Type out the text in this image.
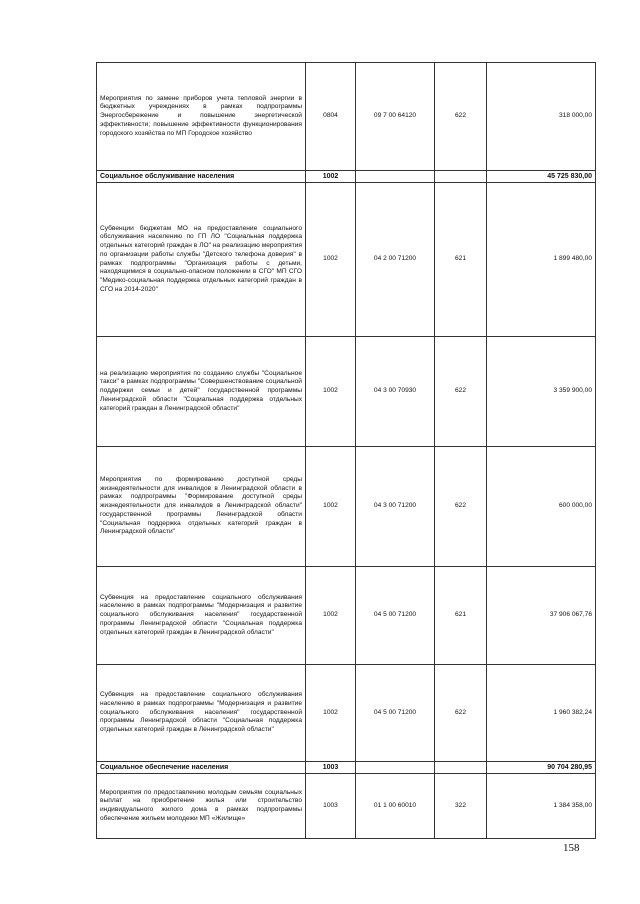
Мероприятия по замене приборов учета тепловой энергии в бюджетных учреждениях в рамках подпрограммы Энергосбережение и повышение энергетической эффективности; повышение эффективности функционирования городского хозяйства по МП Городское хозяйство	0804	09 7 00 64120	622	318 000,00
Социальное обслуживание населения	1002			45 725 830,00
Субвенции бюджетам МО на предоставление социального обслуживания населению по ГП ЛО "Социальная поддержка отдельных категорий граждан в ЛО" на реализацию мероприятия по организации работы службы "Детского телефона доверия" в рамках подпрограммы "Организация работы с детьми, находящимися в социально-опасном положении в СГО" МП СГО "Медико-социальная поддержка отдельных категорий граждан в СГО на 2014-2020"	1002	04 2 00 71200	621	1 899 480,00
на реализацию мероприятия по созданию службы "Социальное такси" в рамках подпрограммы "Совершенствование социальной поддержки семьи и детей" государственной программы Ленинградской области "Социальная поддержка отдельных категорий граждан в Ленинградской области"	1002	04 3 00 70930	622	3 359 900,00
Мероприятия по формированию доступной среды жизнедеятельности для инвалидов в Ленинградской области в рамках подпрограммы "Формирование доступной среды жизнедеятельности для инвалидов в Ленинградской области" государственной программы Ленинградской области "Социальная поддержка отдельных категорий граждан в Ленинградской области"	1002	04 3 00 71200	622	600 000,00
Субвенция на предоставление социального обслуживания населению в рамках подпрограммы "Модернизация и развитие социального обслуживания населения" государственной программы Ленинградской области "Социальная поддержка отдельных категорий граждан в Ленинградской области"	1002	04 5 00 71200	621	37 906 067,76
Субвенция на предоставление социального обслуживания населению в рамках подпрограммы "Модернизация и развитие социального обслуживания населения" государственной программы Ленинградской области "Социальная поддержка отдельных категорий граждан в Ленинградской области"	1002	04 5 00 71200	622	1 960 382,24
Социальное обеспечение населения	1003			90 704 280,95
Мероприятия по предоставлению молодым семьям социальных выплат на приобретение жилья или строительство индивидуального жилого дома в рамках подпрограммы обеспечение жильем молодежи МП «Жилище»	1003	01 1 00 60010	322	1 384 358,00
158
